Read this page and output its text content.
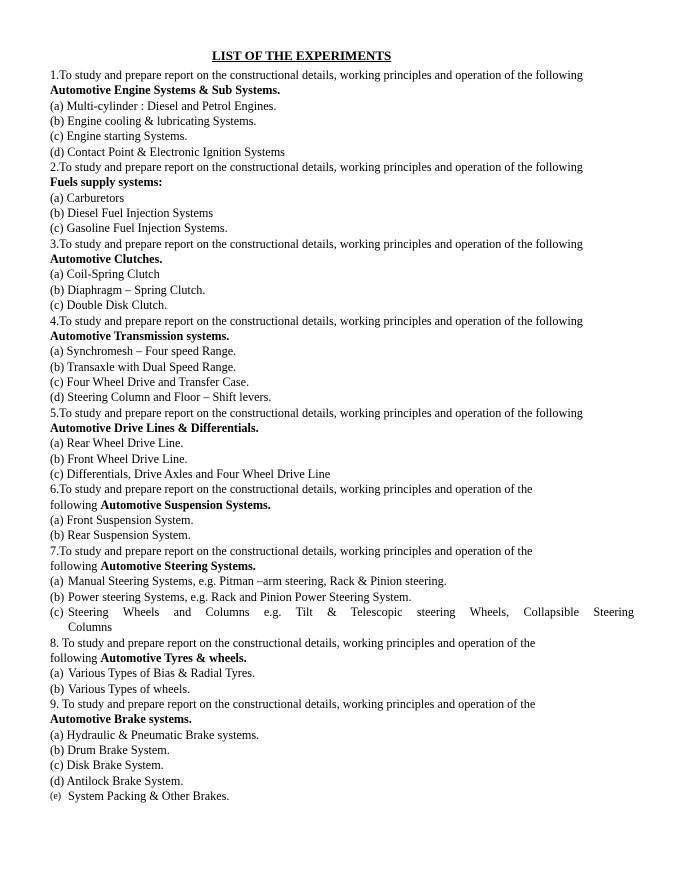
LIST OF THE EXPERIMENTS
1.To study and prepare report on the constructional details, working principles and operation of the following
Automotive Engine Systems & Sub Systems.
(a) Multi-cylinder : Diesel and Petrol Engines.
(b) Engine cooling & lubricating Systems.
(c) Engine starting Systems.
(d) Contact Point & Electronic Ignition Systems
2.To study and prepare report on the constructional details, working principles and operation of the following
Fuels supply systems:
(a) Carburetors
(b) Diesel Fuel Injection Systems
(c) Gasoline Fuel Injection Systems.
3.To study and prepare report on the constructional details, working principles and operation of the following
Automotive Clutches.
(a) Coil-Spring Clutch
(b) Diaphragm – Spring Clutch.
(c) Double Disk Clutch.
4.To study and prepare report on the constructional details, working principles and operation of the following
Automotive Transmission systems.
(a) Synchromesh – Four speed Range.
(b) Transaxle with Dual Speed Range.
(c) Four Wheel Drive and Transfer Case.
(d) Steering Column and Floor – Shift levers.
5.To study and prepare report on the constructional details, working principles and operation of the following
Automotive Drive Lines & Differentials.
(a) Rear Wheel Drive Line.
(b) Front Wheel Drive Line.
(c) Differentials, Drive Axles and Four Wheel Drive Line
6.To study and prepare report on the constructional details, working principles and operation of the
following Automotive Suspension Systems.
(a) Front Suspension System.
(b) Rear Suspension System.
7.To study and prepare report on the constructional details, working principles and operation of the
following Automotive Steering Systems.
(a) Manual Steering Systems, e.g. Pitman –arm steering, Rack & Pinion steering.
(b) Power steering Systems, e.g. Rack and Pinion Power Steering System.
(c) Steering Wheels and Columns e.g. Tilt & Telescopic steering Wheels, Collapsible Steering
Columns
8. To study and prepare report on the constructional details, working principles and operation of the
following Automotive Tyres & wheels.
(a) Various Types of Bias & Radial Tyres.
(b) Various Types of wheels.
9. To study and prepare report on the constructional details, working principles and operation of the
Automotive Brake systems.
(a) Hydraulic & Pneumatic Brake systems.
(b) Drum Brake System.
(c) Disk Brake System.
(d) Antilock Brake System.
(e) System Packing & Other Brakes.
